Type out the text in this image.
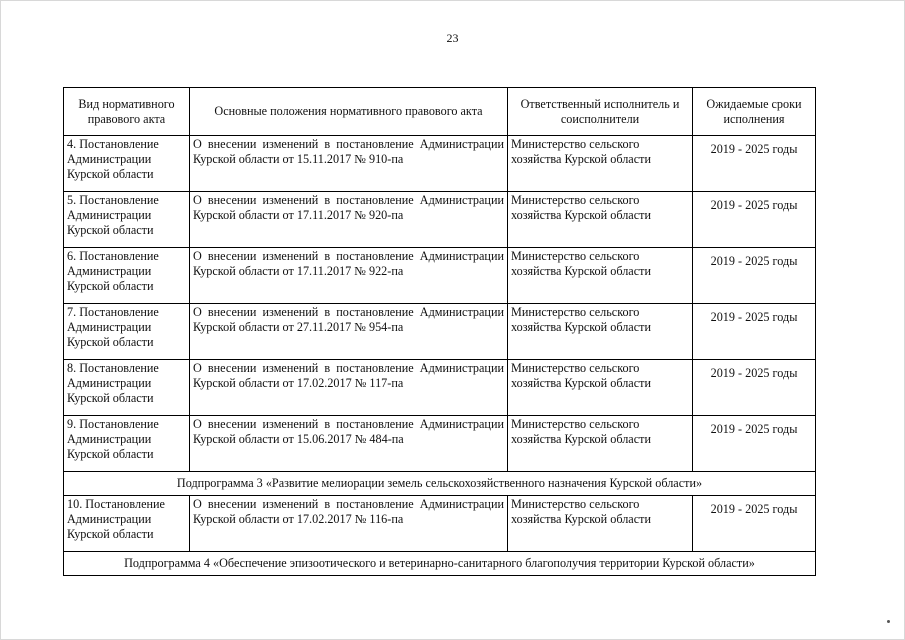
23
Вид нормативного правового акта	Основные положения нормативного правового акта	Ответственный исполнитель и соисполнители	Ожидаемые сроки исполнения
4. Постановление Администрации Курской области	О внесении изменений в постановление Администрации Курской области от 15.11.2017 № 910-па	Министерство сельского хозяйства Курской области	2019 - 2025 годы
5. Постановление Администрации Курской области	О внесении изменений в постановление Администрации Курской области от 17.11.2017 № 920-па	Министерство сельского хозяйства Курской области	2019 - 2025 годы
6. Постановление Администрации Курской области	О внесении изменений в постановление Администрации Курской области от 17.11.2017 № 922-па	Министерство сельского хозяйства Курской области	2019 - 2025 годы
7. Постановление Администрации Курской области	О внесении изменений в постановление Администрации Курской области от 27.11.2017 № 954-па	Министерство сельского хозяйства Курской области	2019 - 2025 годы
8. Постановление Администрации Курской области	О внесении изменений в постановление Администрации Курской области от 17.02.2017 № 117-па	Министерство сельского хозяйства Курской области	2019 - 2025 годы
9. Постановление Администрации Курской области	О внесении изменений в постановление Администрации Курской области от 15.06.2017 № 484-па	Министерство сельского хозяйства Курской области	2019 - 2025 годы
Подпрограмма 3 «Развитие мелиорации земель сельскохозяйственного назначения Курской области»			
10. Постановление Администрации Курской области	О внесении изменений в постановление Администрации Курской области от 17.02.2017 № 116-па	Министерство сельского хозяйства Курской области	2019 - 2025 годы
Подпрограмма 4 «Обеспечение эпизоотического и ветеринарно-санитарного благополучия территории Курской области»			
